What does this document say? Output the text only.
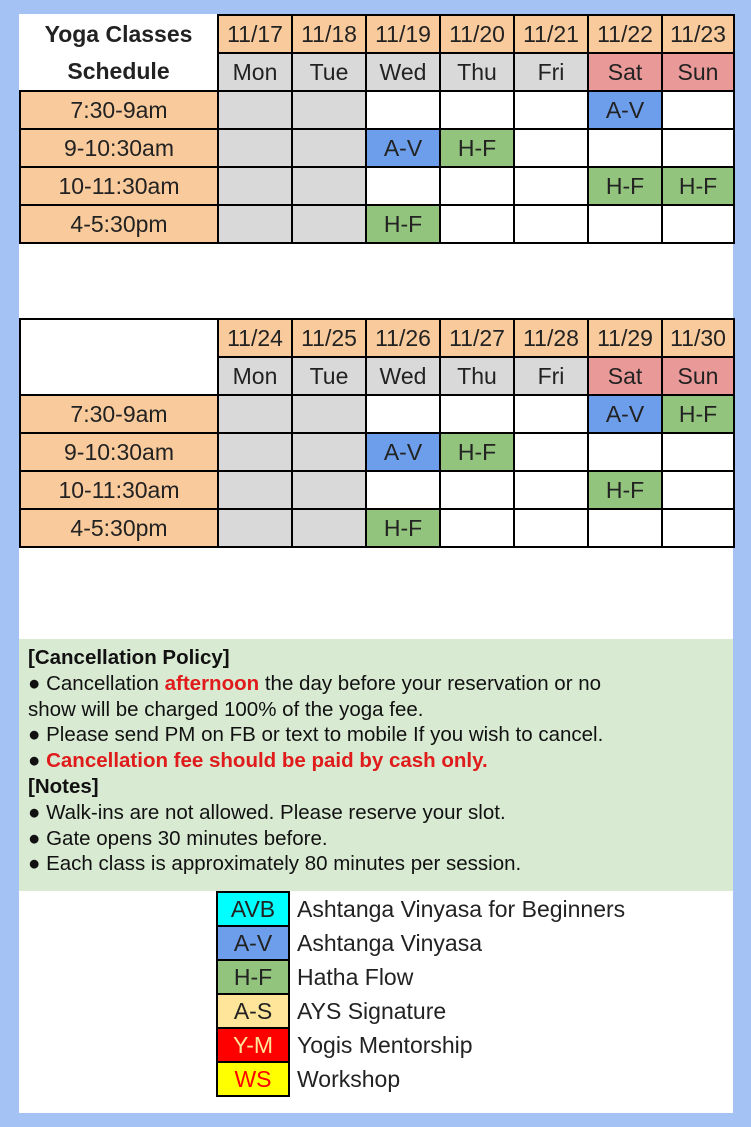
Yoga Classes
Schedule	11/17	11/18	11/19	11/20	11/21	11/22	11/23
	Mon	Tue	Wed	Thu	Fri	Sat	Sun
7:30-9am						A-V	
9-10:30am			A-V	H-F			
10-11:30am						H-F	H-F
4-5:30pm			H-F				
	11/24	11/25	11/26	11/27	11/28	11/29	11/30
	Mon	Tue	Wed	Thu	Fri	Sat	Sun
7:30-9am						A-V	H-F
9-10:30am			A-V	H-F			
10-11:30am						H-F	
4-5:30pm			H-F				
[Cancellation Policy]
● Cancellation afternoon the day before your reservation or no
show will be charged 100% of the yoga fee.
● Please send PM on FB or text to mobile If you wish to cancel.
● Cancellation fee should be paid by cash only.
[Notes]
● Walk-ins are not allowed. Please reserve your slot.
● Gate opens 30 minutes before.
● Each class is approximately 80 minutes per session.
AVB	Ashtanga Vinyasa for Beginners
A-V	Ashtanga Vinyasa
H-F	Hatha Flow
A-S	AYS Signature
Y-M	Yogis Mentorship
WS	Workshop
